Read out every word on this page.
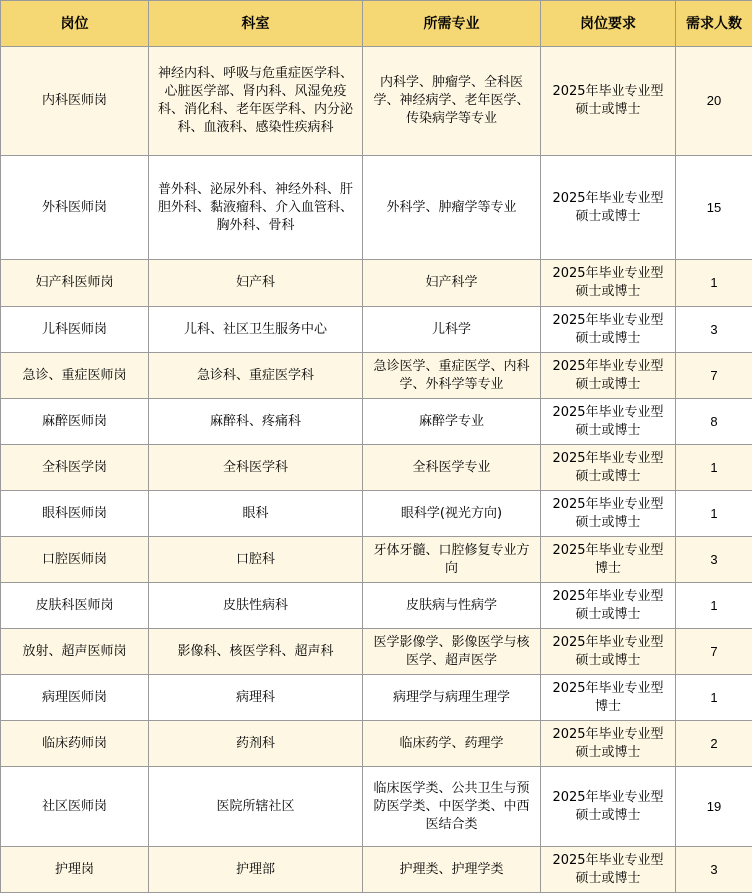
岗位	科室	所需专业	岗位要求	需求人数
内科医师岗	神经内科、呼吸与危重症医学科、心脏医学部、肾内科、风湿免疫科、消化科、老年医学科、内分泌科、血液科、感染性疾病科	内科学、肿瘤学、全科医学、神经病学、老年医学、传染病学等专业	2025年毕业专业型硕士或博士	20
外科医师岗	普外科、泌尿外科、神经外科、肝胆外科、黏液瘤科、介入血管科、胸外科、骨科	外科学、肿瘤学等专业	2025年毕业专业型硕士或博士	15
妇产科医师岗	妇产科	妇产科学	2025年毕业专业型硕士或博士	1
儿科医师岗	儿科、社区卫生服务中心	儿科学	2025年毕业专业型硕士或博士	3
急诊、重症医师岗	急诊科、重症医学科	急诊医学、重症医学、内科学、外科学等专业	2025年毕业专业型硕士或博士	7
麻醉医师岗	麻醉科、疼痛科	麻醉学专业	2025年毕业专业型硕士或博士	8
全科医学岗	全科医学科	全科医学专业	2025年毕业专业型硕士或博士	1
眼科医师岗	眼科	眼科学(视光方向)	2025年毕业专业型硕士或博士	1
口腔医师岗	口腔科	牙体牙髓、口腔修复专业方向	2025年毕业专业型博士	3
皮肤科医师岗	皮肤性病科	皮肤病与性病学	2025年毕业专业型硕士或博士	1
放射、超声医师岗	影像科、核医学科、超声科	医学影像学、影像医学与核医学、超声医学	2025年毕业专业型硕士或博士	7
病理医师岗	病理科	病理学与病理生理学	2025年毕业专业型博士	1
临床药师岗	药剂科	临床药学、药理学	2025年毕业专业型硕士或博士	2
社区医师岗	医院所辖社区	临床医学类、公共卫生与预防医学类、中医学类、中西医结合类	2025年毕业专业型硕士或博士	19
护理岗	护理部	护理类、护理学类	2025年毕业专业型硕士或博士	3
